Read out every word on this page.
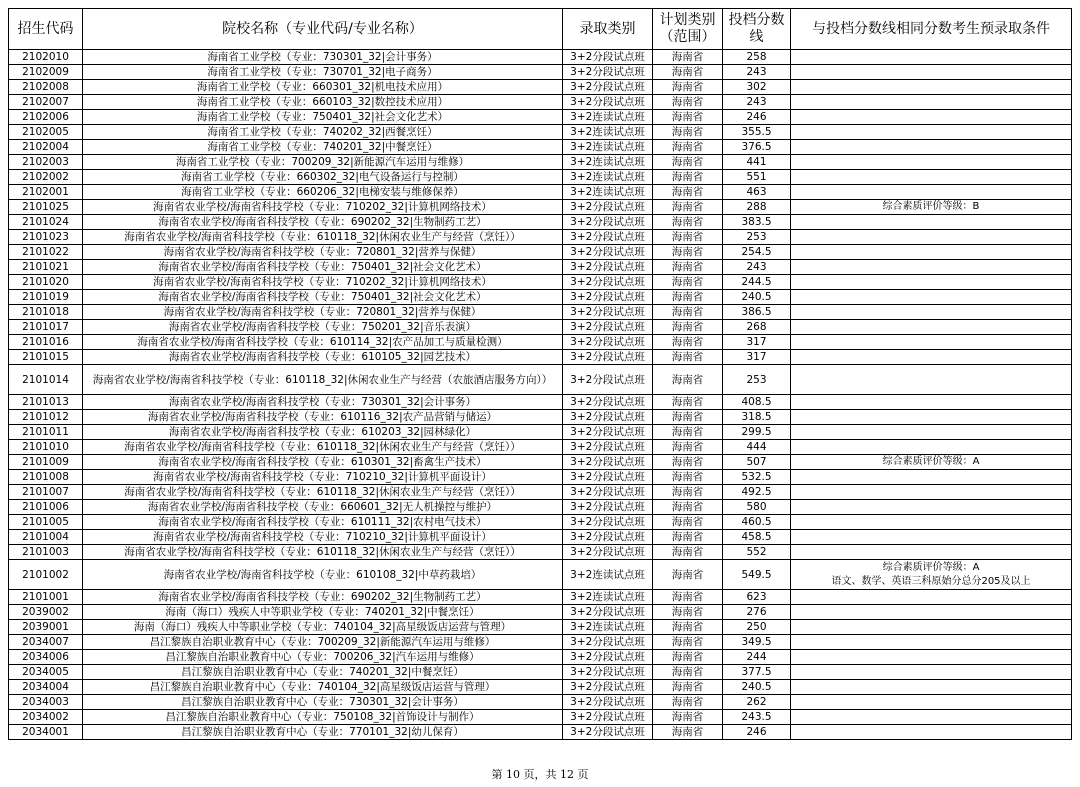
招生代码	院校名称（专业代码/专业名称）	录取类别	计划类别（范围）	投档分数线	与投档分数线相同分数考生预录取条件
2102010	海南省工业学校（专业：730301_32|会计事务）	3+2分段试点班	海南省	258	
2102009	海南省工业学校（专业：730701_32|电子商务）	3+2分段试点班	海南省	243	
2102008	海南省工业学校（专业：660301_32|机电技术应用）	3+2分段试点班	海南省	302	
2102007	海南省工业学校（专业：660103_32|数控技术应用）	3+2分段试点班	海南省	243	
2102006	海南省工业学校（专业：750401_32|社会文化艺术）	3+2连读试点班	海南省	246	
2102005	海南省工业学校（专业：740202_32|西餐烹饪）	3+2连读试点班	海南省	355.5	
2102004	海南省工业学校（专业：740201_32|中餐烹饪）	3+2连读试点班	海南省	376.5	
2102003	海南省工业学校（专业：700209_32|新能源汽车运用与维修）	3+2连读试点班	海南省	441	
2102002	海南省工业学校（专业：660302_32|电气设备运行与控制）	3+2连读试点班	海南省	551	
2102001	海南省工业学校（专业：660206_32|电梯安装与维修保养）	3+2连读试点班	海南省	463	
2101025	海南省农业学校/海南省科技学校（专业：710202_32|计算机网络技术）	3+2分段试点班	海南省	288	综合素质评价等级：B
2101024	海南省农业学校/海南省科技学校（专业：690202_32|生物制药工艺）	3+2分段试点班	海南省	383.5	
2101023	海南省农业学校/海南省科技学校（专业：610118_32|休闲农业生产与经营（烹饪））	3+2分段试点班	海南省	253	
2101022	海南省农业学校/海南省科技学校（专业：720801_32|营养与保健）	3+2分段试点班	海南省	254.5	
2101021	海南省农业学校/海南省科技学校（专业：750401_32|社会文化艺术）	3+2分段试点班	海南省	243	
2101020	海南省农业学校/海南省科技学校（专业：710202_32|计算机网络技术）	3+2分段试点班	海南省	244.5	
2101019	海南省农业学校/海南省科技学校（专业：750401_32|社会文化艺术）	3+2分段试点班	海南省	240.5	
2101018	海南省农业学校/海南省科技学校（专业：720801_32|营养与保健）	3+2分段试点班	海南省	386.5	
2101017	海南省农业学校/海南省科技学校（专业：750201_32|音乐表演）	3+2分段试点班	海南省	268	
2101016	海南省农业学校/海南省科技学校（专业：610114_32|农产品加工与质量检测）	3+2分段试点班	海南省	317	
2101015	海南省农业学校/海南省科技学校（专业：610105_32|园艺技术）	3+2分段试点班	海南省	317	
2101014	海南省农业学校/海南省科技学校（专业：610118_32|休闲农业生产与经营（农旅酒店服务方向））	3+2分段试点班	海南省	253	
2101013	海南省农业学校/海南省科技学校（专业：730301_32|会计事务）	3+2分段试点班	海南省	408.5	
2101012	海南省农业学校/海南省科技学校（专业：610116_32|农产品营销与储运）	3+2分段试点班	海南省	318.5	
2101011	海南省农业学校/海南省科技学校（专业：610203_32|园林绿化）	3+2分段试点班	海南省	299.5	
2101010	海南省农业学校/海南省科技学校（专业：610118_32|休闲农业生产与经营（烹饪））	3+2分段试点班	海南省	444	
2101009	海南省农业学校/海南省科技学校（专业：610301_32|畜禽生产技术）	3+2分段试点班	海南省	507	综合素质评价等级：A
2101008	海南省农业学校/海南省科技学校（专业：710210_32|计算机平面设计）	3+2分段试点班	海南省	532.5	
2101007	海南省农业学校/海南省科技学校（专业：610118_32|休闲农业生产与经营（烹饪））	3+2分段试点班	海南省	492.5	
2101006	海南省农业学校/海南省科技学校（专业：660601_32|无人机操控与维护）	3+2分段试点班	海南省	580	
2101005	海南省农业学校/海南省科技学校（专业：610111_32|农村电气技术）	3+2分段试点班	海南省	460.5	
2101004	海南省农业学校/海南省科技学校（专业：710210_32|计算机平面设计）	3+2分段试点班	海南省	458.5	
2101003	海南省农业学校/海南省科技学校（专业：610118_32|休闲农业生产与经营（烹饪））	3+2分段试点班	海南省	552	
2101002	海南省农业学校/海南省科技学校（专业：610108_32|中草药栽培）	3+2连读试点班	海南省	549.5	综合素质评价等级：A
语文、数学、英语三科原始分总分205及以上
2101001	海南省农业学校/海南省科技学校（专业：690202_32|生物制药工艺）	3+2连读试点班	海南省	623	
2039002	海南（海口）残疾人中等职业学校（专业：740201_32|中餐烹饪）	3+2分段试点班	海南省	276	
2039001	海南（海口）残疾人中等职业学校（专业：740104_32|高星级饭店运营与管理）	3+2连读试点班	海南省	250	
2034007	昌江黎族自治职业教育中心（专业：700209_32|新能源汽车运用与维修）	3+2分段试点班	海南省	349.5	
2034006	昌江黎族自治职业教育中心（专业：700206_32|汽车运用与维修）	3+2分段试点班	海南省	244	
2034005	昌江黎族自治职业教育中心（专业：740201_32|中餐烹饪）	3+2分段试点班	海南省	377.5	
2034004	昌江黎族自治职业教育中心（专业：740104_32|高星级饭店运营与管理）	3+2分段试点班	海南省	240.5	
2034003	昌江黎族自治职业教育中心（专业：730301_32|会计事务）	3+2分段试点班	海南省	262	
2034002	昌江黎族自治职业教育中心（专业：750108_32|首饰设计与制作）	3+2分段试点班	海南省	243.5	
2034001	昌江黎族自治职业教育中心（专业：770101_32|幼儿保育）	3+2分段试点班	海南省	246	
第 10 页，共 12 页
